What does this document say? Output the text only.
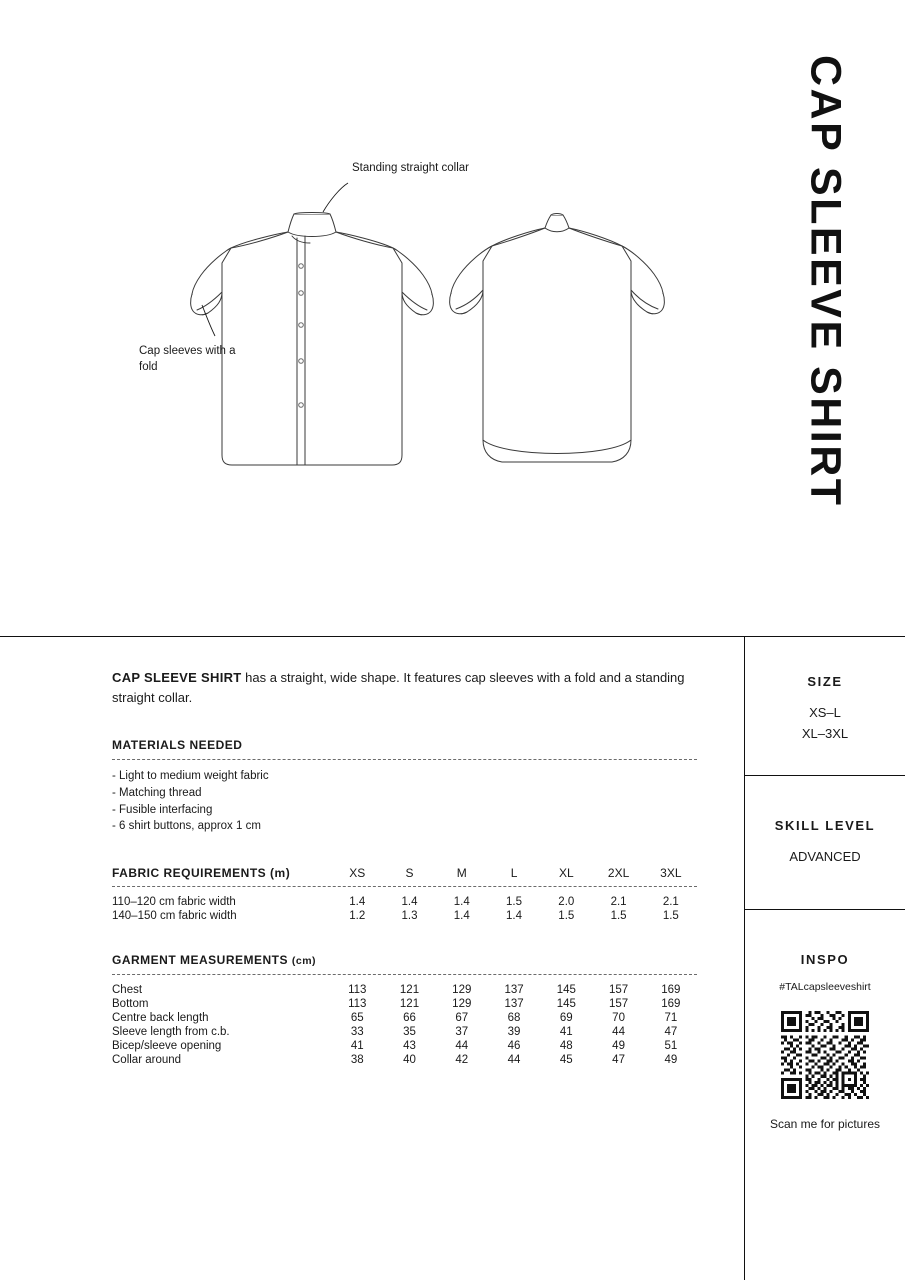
Standing straight collar
Cap sleeves with a fold	CAP SLEEVE SHIRT

CAP SLEEVE SHIRT has a straight, wide shape. It features cap sleeves with a fold and a standing straight collar.

MATERIALS NEEDED
- Light to medium weight fabric
- Matching thread
- Fusible interfacing
- 6 shirt buttons, approx 1 cm
FABRIC REQUIREMENTS (m)	XS	S	M	L	XL	2XL	3XL
110–120 cm fabric width	1.4	1.4	1.4	1.5	2.0	2.1	2.1
140–150 cm fabric width	1.2	1.3	1.4	1.4	1.5	1.5	1.5
GARMENT MEASUREMENTS (cm)
Chest	113	121	129	137	145	157	169
Bottom	113	121	129	137	145	157	169
Centre back length	65	66	67	68	69	70	71
Sleeve length from c.b.	33	35	37	39	41	44	47
Bicep/sleeve opening	41	43	44	46	48	49	51
Collar around	38	40	42	44	45	47	49
SIZE

XS–L

XL–3XL

SKILL LEVEL

ADVANCED

INSPO

#TALcapsleeveshirt

Scan me for pictures
